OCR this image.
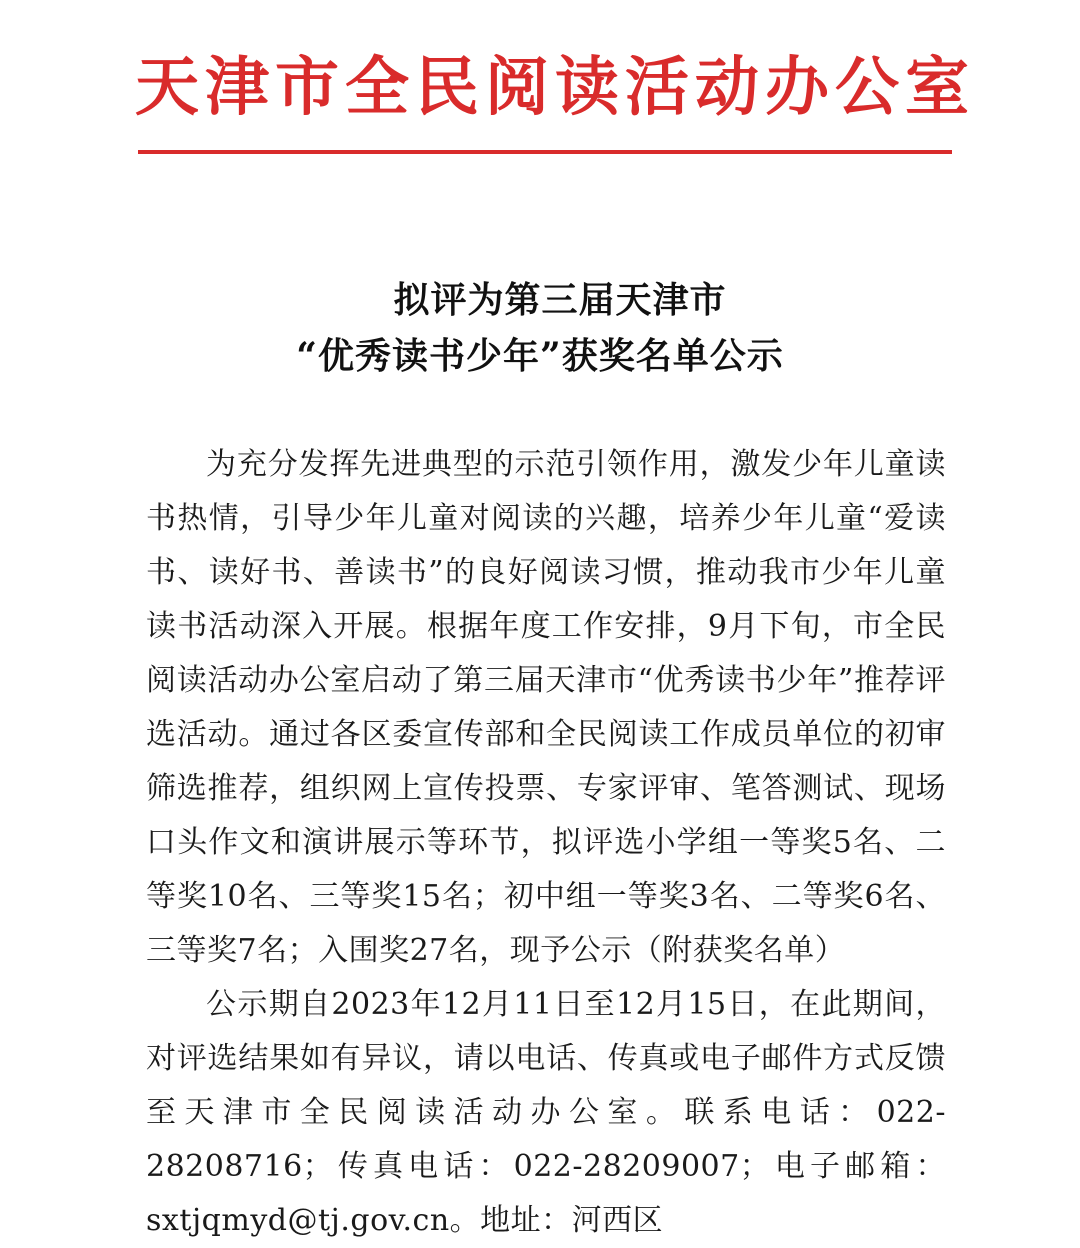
天津市全民阅读活动办公室
拟评为第三届天津市
“优秀读书少年”获奖名单公示

为充分发挥先进典型的示范引领作用，激发少年儿童读书热情，引导少年儿童对阅读的兴趣，培养少年儿童“爱读书、读好书、善读书”的良好阅读习惯，推动我市少年儿童读书活动深入开展。根据年度工作安排，9月下旬，市全民阅读活动办公室启动了第三届天津市“优秀读书少年”推荐评选活动。通过各区委宣传部和全民阅读工作成员单位的初审筛选推荐，组织网上宣传投票、专家评审、笔答测试、现场口头作文和演讲展示等环节，拟评选小学组一等奖5名、二等奖10名、三等奖15名；初中组一等奖3名、二等奖6名、三等奖7名；入围奖27名，现予公示（附获奖名单）

公示期自2023年12月11日至12月15日，在此期间，对评选结果如有异议，请以电话、传真或电子邮件方式反馈至天津市全民阅读活动办公室。联系电话：022-28208716；传真电话：022-28209007；电子邮箱：sxtjqmyd@tj.gov.cn。地址：河西区
